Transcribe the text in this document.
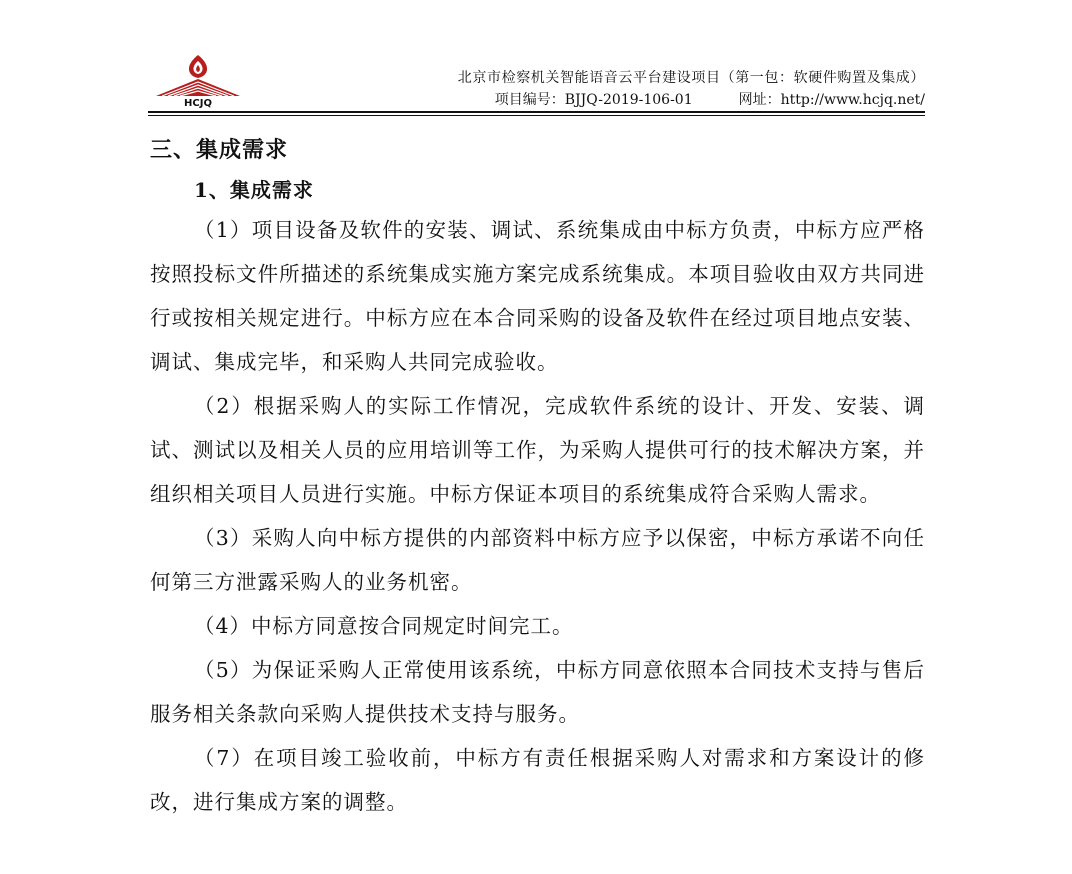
HCJQ
北京市检察机关智能语音云平台建设项目（第一包：软硬件购置及集成）
项目编号：BJJQ-2019-106-01	网址：http://www.hcjq.net/
三、集成需求
1、集成需求

（1）项目设备及软件的安装、调试、系统集成由中标方负责，中标方应严格按照投标文件所描述的系统集成实施方案完成系统集成。本项目验收由双方共同进行或按相关规定进行。中标方应在本合同采购的设备及软件在经过项目地点安装、调试、集成完毕，和采购人共同完成验收。

（2）根据采购人的实际工作情况，完成软件系统的设计、开发、安装、调试、测试以及相关人员的应用培训等工作，为采购人提供可行的技术解决方案，并组织相关项目人员进行实施。中标方保证本项目的系统集成符合采购人需求。

（3）采购人向中标方提供的内部资料中标方应予以保密，中标方承诺不向任何第三方泄露采购人的业务机密。

（4）中标方同意按合同规定时间完工。

（5）为保证采购人正常使用该系统，中标方同意依照本合同技术支持与售后服务相关条款向采购人提供技术支持与服务。

（7）在项目竣工验收前，中标方有责任根据采购人对需求和方案设计的修改，进行集成方案的调整。
